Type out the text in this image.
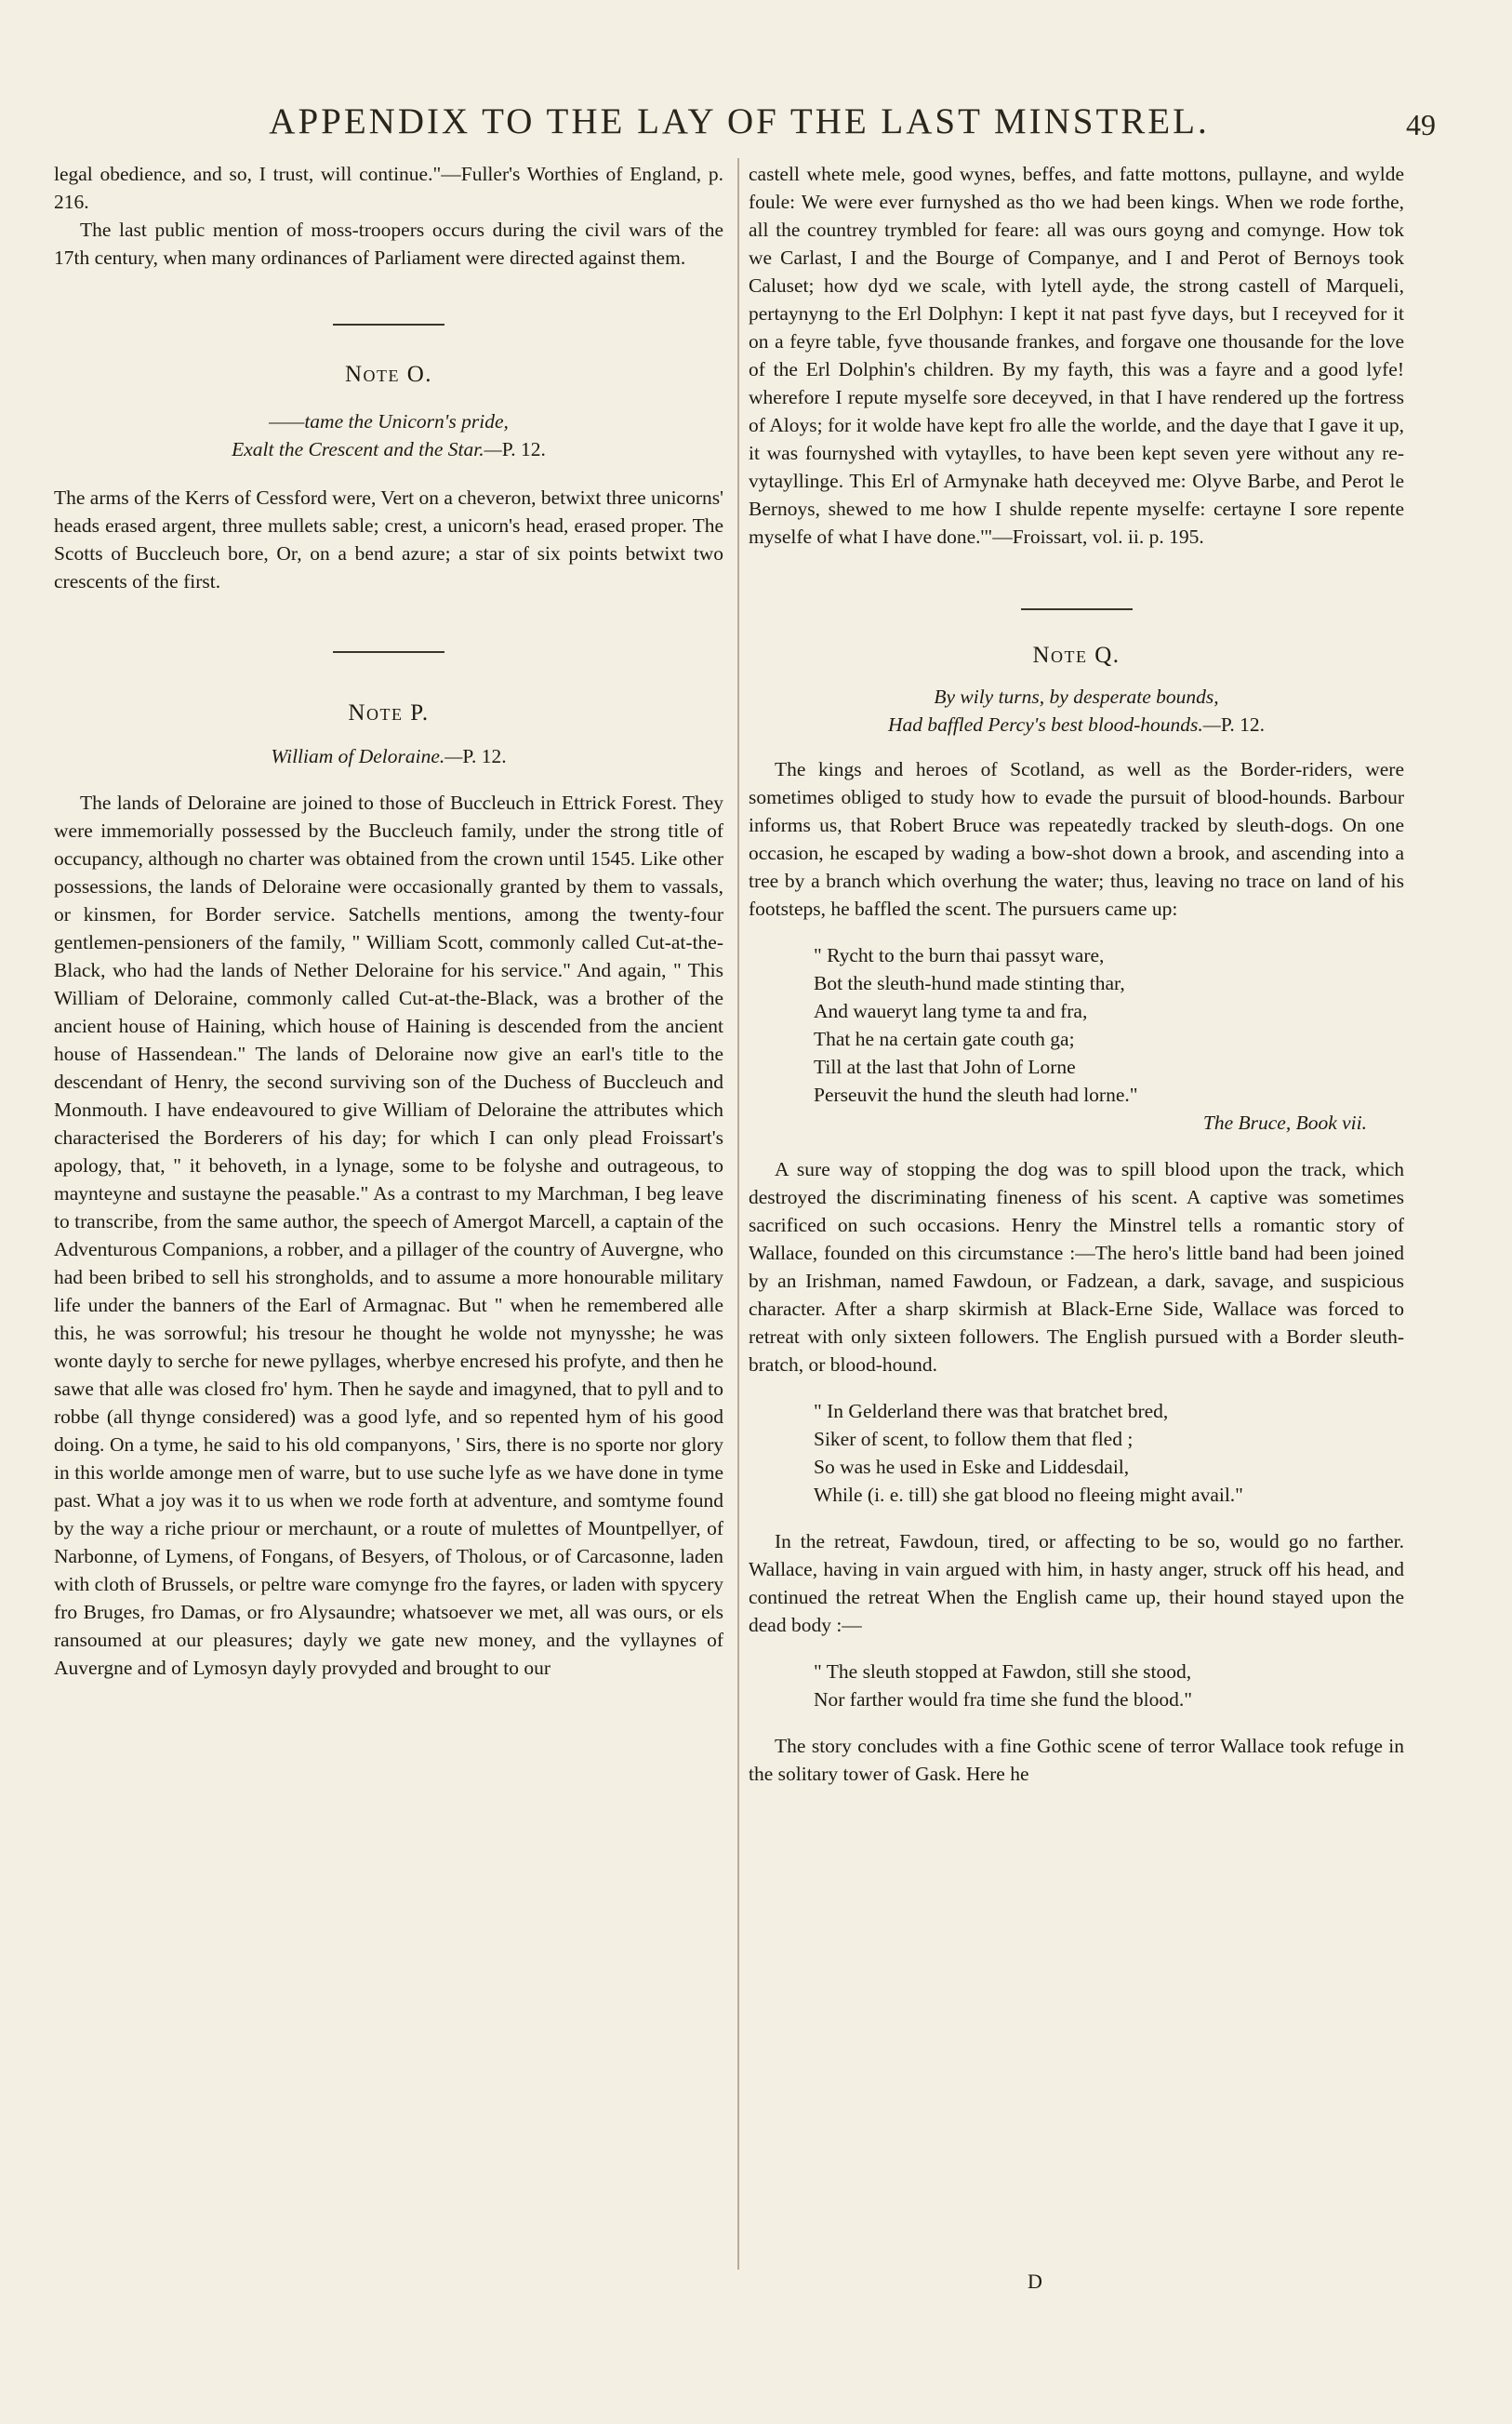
APPENDIX TO THE LAY OF THE LAST MINSTREL.	49

legal obedience, and so, I trust, will continue."—Fuller's Worthies of England, p. 216.

The last public mention of moss-troopers occurs during the civil wars of the 17th century, when many ordinances of Parliament were directed against them.

Note O.
——tame the Unicorn's pride,
Exalt the Crescent and the Star.—P. 12.

The arms of the Kerrs of Cessford were, Vert on a cheveron, betwixt three unicorns' heads erased argent, three mullets sable; crest, a unicorn's head, erased proper. The Scotts of Buccleuch bore, Or, on a bend azure; a star of six points betwixt two crescents of the first.

Note P.
William of Deloraine.—P. 12.

The lands of Deloraine are joined to those of Buccleuch in Ettrick Forest. They were immemorially possessed by the Buccleuch family, under the strong title of occupancy, although no charter was obtained from the crown until 1545. Like other possessions, the lands of Deloraine were occasionally granted by them to vassals, or kinsmen, for Border service. Satchells mentions, among the twenty-four gentlemen-pensioners of the family, " William Scott, commonly called Cut-at-the-Black, who had the lands of Nether Deloraine for his service." And again, " This William of Deloraine, commonly called Cut-at-the-Black, was a brother of the ancient house of Haining, which house of Haining is descended from the ancient house of Hassendean." The lands of Deloraine now give an earl's title to the descendant of Henry, the second surviving son of the Duchess of Buccleuch and Monmouth. I have endeavoured to give William of Deloraine the attributes which characterised the Borderers of his day; for which I can only plead Froissart's apology, that, " it behoveth, in a lynage, some to be folyshe and outrageous, to maynteyne and sustayne the peasable." As a contrast to my Marchman, I beg leave to transcribe, from the same author, the speech of Amergot Marcell, a captain of the Adventurous Companions, a robber, and a pillager of the country of Auvergne, who had been bribed to sell his strongholds, and to assume a more honourable military life under the banners of the Earl of Armagnac. But " when he remembered alle this, he was sorrowful; his tresour he thought he wolde not mynysshe; he was wonte dayly to serche for newe pyllages, wherbye encresed his profyte, and then he sawe that alle was closed fro' hym. Then he sayde and imagyned, that to pyll and to robbe (all thynge considered) was a good lyfe, and so repented hym of his good doing. On a tyme, he said to his old companyons, ' Sirs, there is no sporte nor glory in this worlde amonge men of warre, but to use suche lyfe as we have done in tyme past. What a joy was it to us when we rode forth at adventure, and somtyme found by the way a riche priour or merchaunt, or a route of mulettes of Mountpellyer, of Narbonne, of Lymens, of Fongans, of Besyers, of Tholous, or of Carcasonne, laden with cloth of Brussels, or peltre ware comynge fro the fayres, or laden with spycery fro Bruges, fro Damas, or fro Alysaundre; whatsoever we met, all was ours, or els ransoumed at our pleasures; dayly we gate new money, and the vyllaynes of Auvergne and of Lymosyn dayly provyded and brought to our

castell whete mele, good wynes, beffes, and fatte mottons, pullayne, and wylde foule: We were ever furnyshed as tho we had been kings. When we rode forthe, all the countrey trymbled for feare: all was ours goyng and comynge. How tok we Carlast, I and the Bourge of Companye, and I and Perot of Bernoys took Caluset; how dyd we scale, with lytell ayde, the strong castell of Marqueli, pertaynyng to the Erl Dolphyn: I kept it nat past fyve days, but I receyved for it on a feyre table, fyve thousande frankes, and forgave one thousande for the love of the Erl Dolphin's children. By my fayth, this was a fayre and a good lyfe! wherefore I repute myselfe sore deceyved, in that I have rendered up the fortress of Aloys; for it wolde have kept fro alle the worlde, and the daye that I gave it up, it was fournyshed with vytaylles, to have been kept seven yere without any re-vytayllinge. This Erl of Armynake hath deceyved me: Olyve Barbe, and Perot le Bernoys, shewed to me how I shulde repente myselfe: certayne I sore repente myselfe of what I have done.'"—Froissart, vol. ii. p. 195.

Note Q.
By wily turns, by desperate bounds,
Had baffled Percy's best blood-hounds.—P. 12.

The kings and heroes of Scotland, as well as the Border-riders, were sometimes obliged to study how to evade the pursuit of blood-hounds. Barbour informs us, that Robert Bruce was repeatedly tracked by sleuth-dogs. On one occasion, he escaped by wading a bow-shot down a brook, and ascending into a tree by a branch which overhung the water; thus, leaving no trace on land of his footsteps, he baffled the scent. The pursuers came up:

" Rycht to the burn thai passyt ware,
Bot the sleuth-hund made stinting thar,
And waueryt lang tyme ta and fra,
That he na certain gate couth ga;
Till at the last that John of Lorne
Perseuvit the hund the sleuth had lorne."
The Bruce, Book vii.

A sure way of stopping the dog was to spill blood upon the track, which destroyed the discriminating fineness of his scent. A captive was sometimes sacrificed on such occasions. Henry the Minstrel tells a romantic story of Wallace, founded on this circumstance :—The hero's little band had been joined by an Irishman, named Fawdoun, or Fadzean, a dark, savage, and suspicious character. After a sharp skirmish at Black-Erne Side, Wallace was forced to retreat with only sixteen followers. The English pursued with a Border sleuth-bratch, or blood-hound.

" In Gelderland there was that bratchet bred,
Siker of scent, to follow them that fled ;
So was he used in Eske and Liddesdail,
While (i. e. till) she gat blood no fleeing might avail."

In the retreat, Fawdoun, tired, or affecting to be so, would go no farther. Wallace, having in vain argued with him, in hasty anger, struck off his head, and continued the retreat When the English came up, their hound stayed upon the dead body :—

" The sleuth stopped at Fawdon, still she stood,
Nor farther would fra time she fund the blood."

The story concludes with a fine Gothic scene of terror Wallace took refuge in the solitary tower of Gask. Here he

D
